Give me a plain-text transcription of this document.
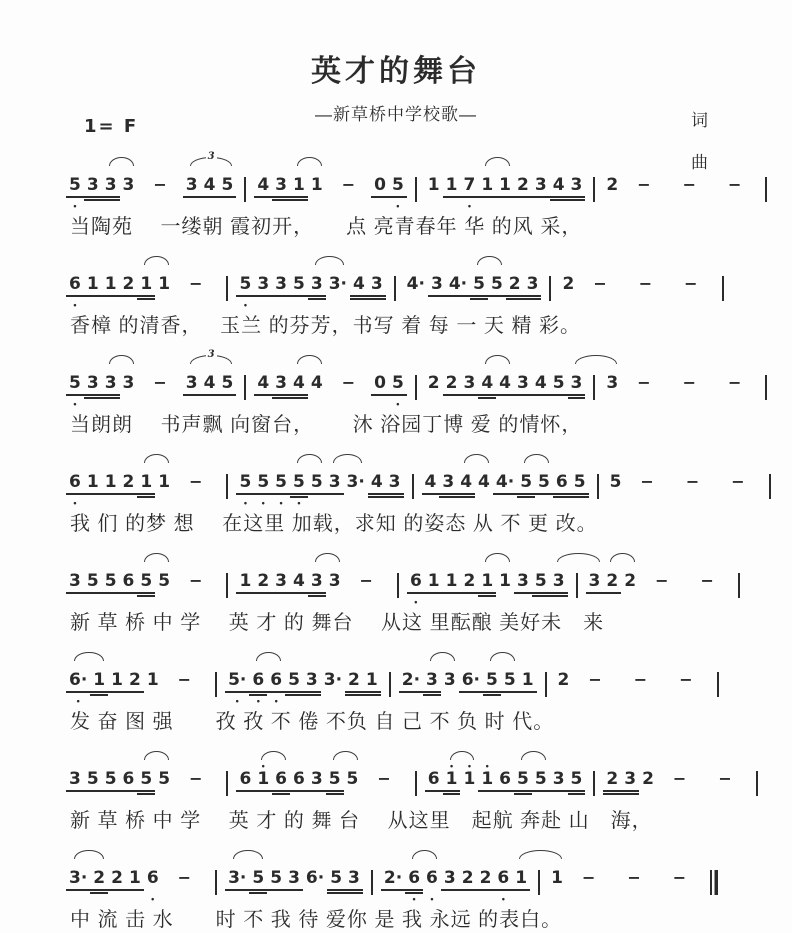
英才的舞台
—新草桥中学校歌—
1= F	词
曲
5
•
3 3 3 − 3 4 5 4 3 1 1 − 0 5
•
1 1 7
•
1 1 2 3 4 3 2 − − −
3
当陶苑　 一缕朝 霞初开，　　点 亮青春年 华 的风 采，
6
•
1 1 2 1 1 − 5
•
3 3 5 3 3· 4 3 4· 3 4· 5 5 2 3 2 − − −
香樟 的清香，　 玉兰 的芬芳，书写 着 每 一 天 精 彩。
5
•
3 3 3 − 3 4 5 4 3 4 4 − 0 5
•
2 2 3 4 4 3 4 5 3 3 − − −
3
当朗朗　 书声飘 向窗台，　　 沐 浴园丁博 爱 的情怀，
6
•
1 1 2 1 1 − 5
•
5
•
5
•
5
•
5 3 3· 4 3 4 3 4 4 4· 5 5 6 5 5 − − −
我 们 的梦 想　 在这里 加载，求知 的姿态 从 不 更 改。
3 5 5 6 5 5 − 1 2 3 4 3 3 − 6
•
1 1 2 1 1 3 5 3 3 2 2 − −
新 草 桥 中 学　 英 才 的 舞台　 从这 里酝酿 美好未　来
6·
•
1 1 2 1 − 5·
•
6
•
6
•
5 3 3· 2 1 2· 3 3 6· 5 5 1 2 − − −
发 奋 图 强　　孜 孜 不 倦 不负 自 己 不 负 时 代。
3 5 5 6 5 5 − 6
•
1 6 6 3 5 5 − 6
•
1
•
1
•
1 6 5 5 3 5 2 3 2 − −
新 草 桥 中 学　 英 才 的 舞 台　 从这里　起航 奔赴 山　海，
3· 2 2 1 6
•
− 3· 5 5 3 6· 5 3 2· 6
•
6
•
3 2 2 6
•
1 1 − − −
中 流 击 水　　时 不 我 待 爱你 是 我 永远 的表白。
